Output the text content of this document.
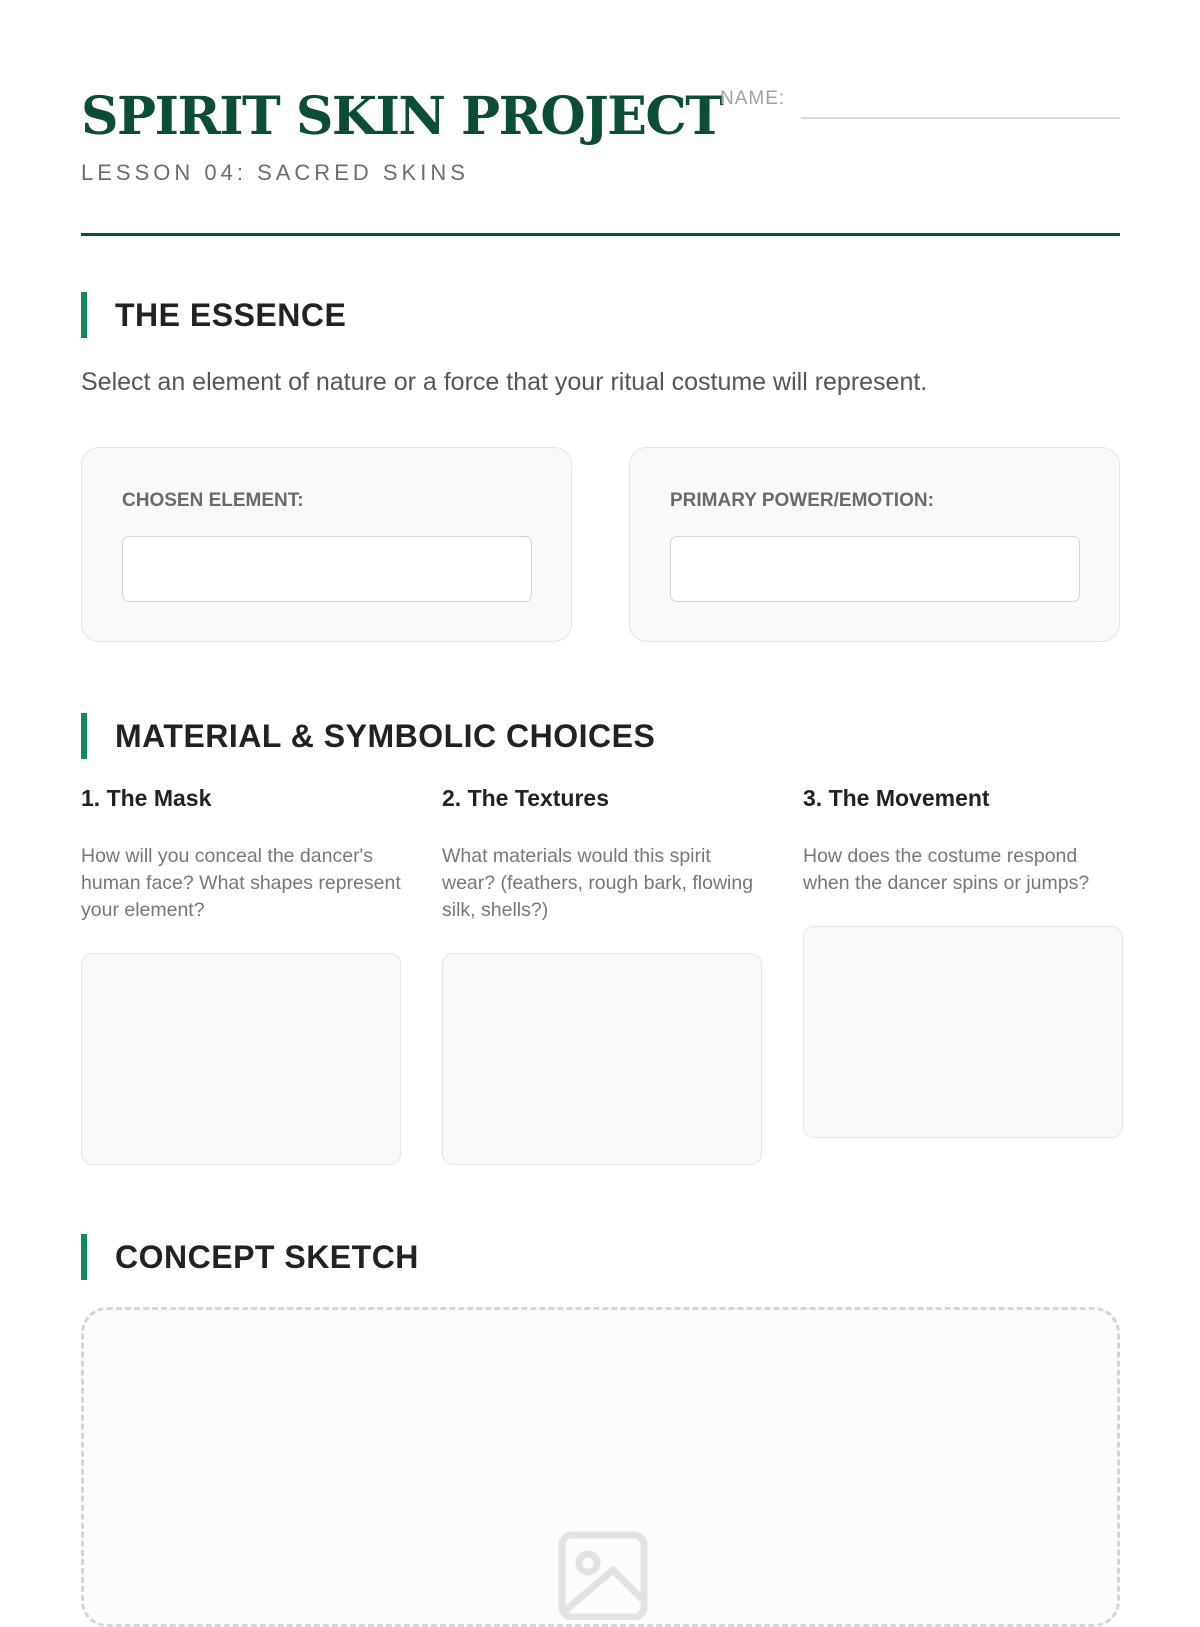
SPIRIT SKIN PROJECT
LESSON 04: SACRED SKINS
NAME:
THE ESSENCE
Select an element of nature or a force that your ritual costume will represent.
CHOSEN ELEMENT:	PRIMARY POWER/EMOTION:
MATERIAL & SYMBOLIC CHOICES
1. The Mask
How will you conceal the dancer's human face? What shapes represent your element?
2. The Textures
What materials would this spirit wear? (feathers, rough bark, flowing silk, shells?)
3. The Movement
How does the costume respond when the dancer spins or jumps?
CONCEPT SKETCH
